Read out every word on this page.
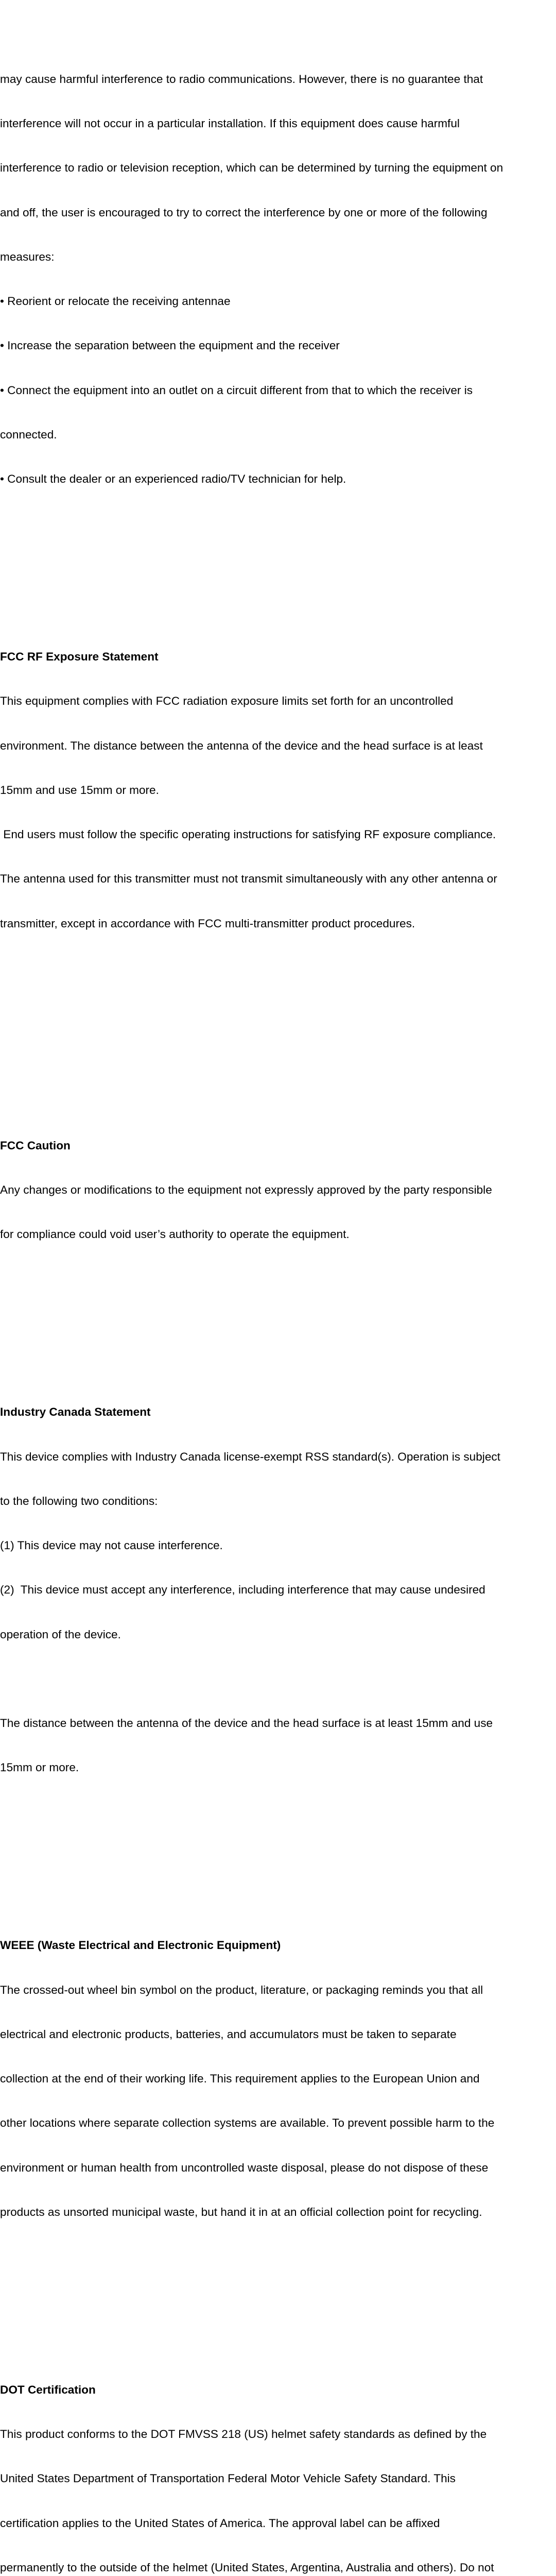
may cause harmful interference to radio communications. However, there is no guarantee that

interference will not occur in a particular installation. If this equipment does cause harmful

interference to radio or television reception, which can be determined by turning the equipment on

and off, the user is encouraged to try to correct the interference by one or more of the following

measures:

• Reorient or relocate the receiving antennae

• Increase the separation between the equipment and the receiver

• Connect the equipment into an outlet on a circuit different from that to which the receiver is

connected.

• Consult the dealer or an experienced radio/TV technician for help.

FCC RF Exposure Statement

This equipment complies with FCC radiation exposure limits set forth for an uncontrolled

environment. The distance between the antenna of the device and the head surface is at least

15mm and use 15mm or more.

End users must follow the specific operating instructions for satisfying RF exposure compliance.

The antenna used for this transmitter must not transmit simultaneously with any other antenna or

transmitter, except in accordance with FCC multi-transmitter product procedures.

FCC Caution

Any changes or modifications to the equipment not expressly approved by the party responsible

for compliance could void user’s authority to operate the equipment.

Industry Canada Statement

This device complies with Industry Canada license-exempt RSS standard(s). Operation is subject

to the following two conditions:

(1) This device may not cause interference.

(2)  This device must accept any interference, including interference that may cause undesired

operation of the device.

The distance between the antenna of the device and the head surface is at least 15mm and use

15mm or more.

WEEE (Waste Electrical and Electronic Equipment)

The crossed-out wheel bin symbol on the product, literature, or packaging reminds you that all

electrical and electronic products, batteries, and accumulators must be taken to separate

collection at the end of their working life. This requirement applies to the European Union and

other locations where separate collection systems are available. To prevent possible harm to the

environment or human health from uncontrolled waste disposal, please do not dispose of these

products as unsorted municipal waste, but hand it in at an official collection point for recycling.

DOT Certification

This product conforms to the DOT FMVSS 218 (US) helmet safety standards as defined by the

United States Department of Transportation Federal Motor Vehicle Safety Standard. This

certification applies to the United States of America. The approval label can be affixed

permanently to the outside of the helmet (United States, Argentina, Australia and others). Do not
